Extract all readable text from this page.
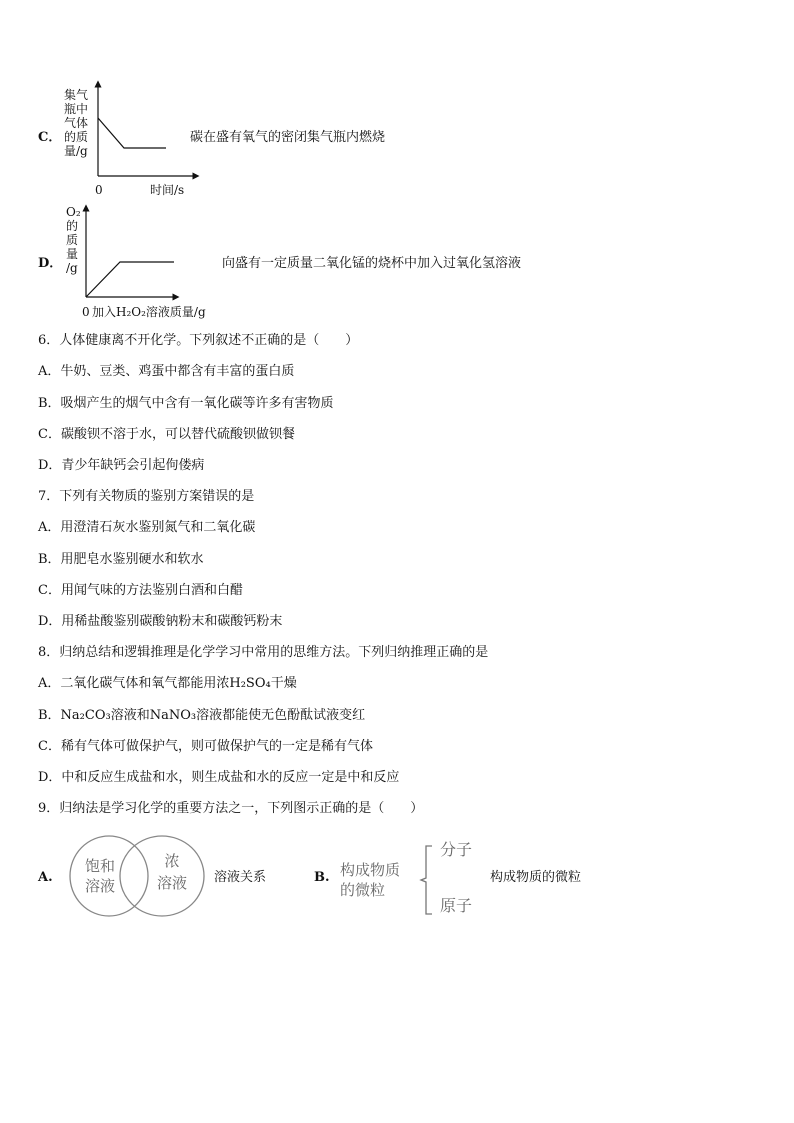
C．
集气
瓶中
气体
的质
量/g
0	时间/s
碳在盛有氧气的密闭集气瓶内燃烧
D．
O₂
的
质
量
/g
0 加入H₂O₂溶液质量/g
向盛有一定质量二氧化锰的烧杯中加入过氧化氢溶液
6．人体健康离不开化学。下列叙述不正确的是（　　）
A．牛奶、豆类、鸡蛋中都含有丰富的蛋白质
B．吸烟产生的烟气中含有一氧化碳等许多有害物质
C．碳酸钡不溶于水，可以替代硫酸钡做钡餐
D．青少年缺钙会引起佝偻病
7．下列有关物质的鉴别方案错误的是
A．用澄清石灰水鉴别氮气和二氧化碳
B．用肥皂水鉴别硬水和软水
C．用闻气味的方法鉴别白酒和白醋
D．用稀盐酸鉴别碳酸钠粉末和碳酸钙粉末
8．归纳总结和逻辑推理是化学学习中常用的思维方法。下列归纳推理正确的是
A．二氧化碳气体和氧气都能用浓H₂SO₄干燥
B．Na₂CO₃溶液和NaNO₃溶液都能使无色酚酞试液变红
C．稀有气体可做保护气，则可做保护气的一定是稀有气体
D．中和反应生成盐和水，则生成盐和水的反应一定是中和反应
9．归纳法是学习化学的重要方法之一，下列图示正确的是（　　）
A.
饱和
溶液
浓
溶液	溶液关系	B. 构成物质
的微粒
分子
原子
构成物质的微粒
